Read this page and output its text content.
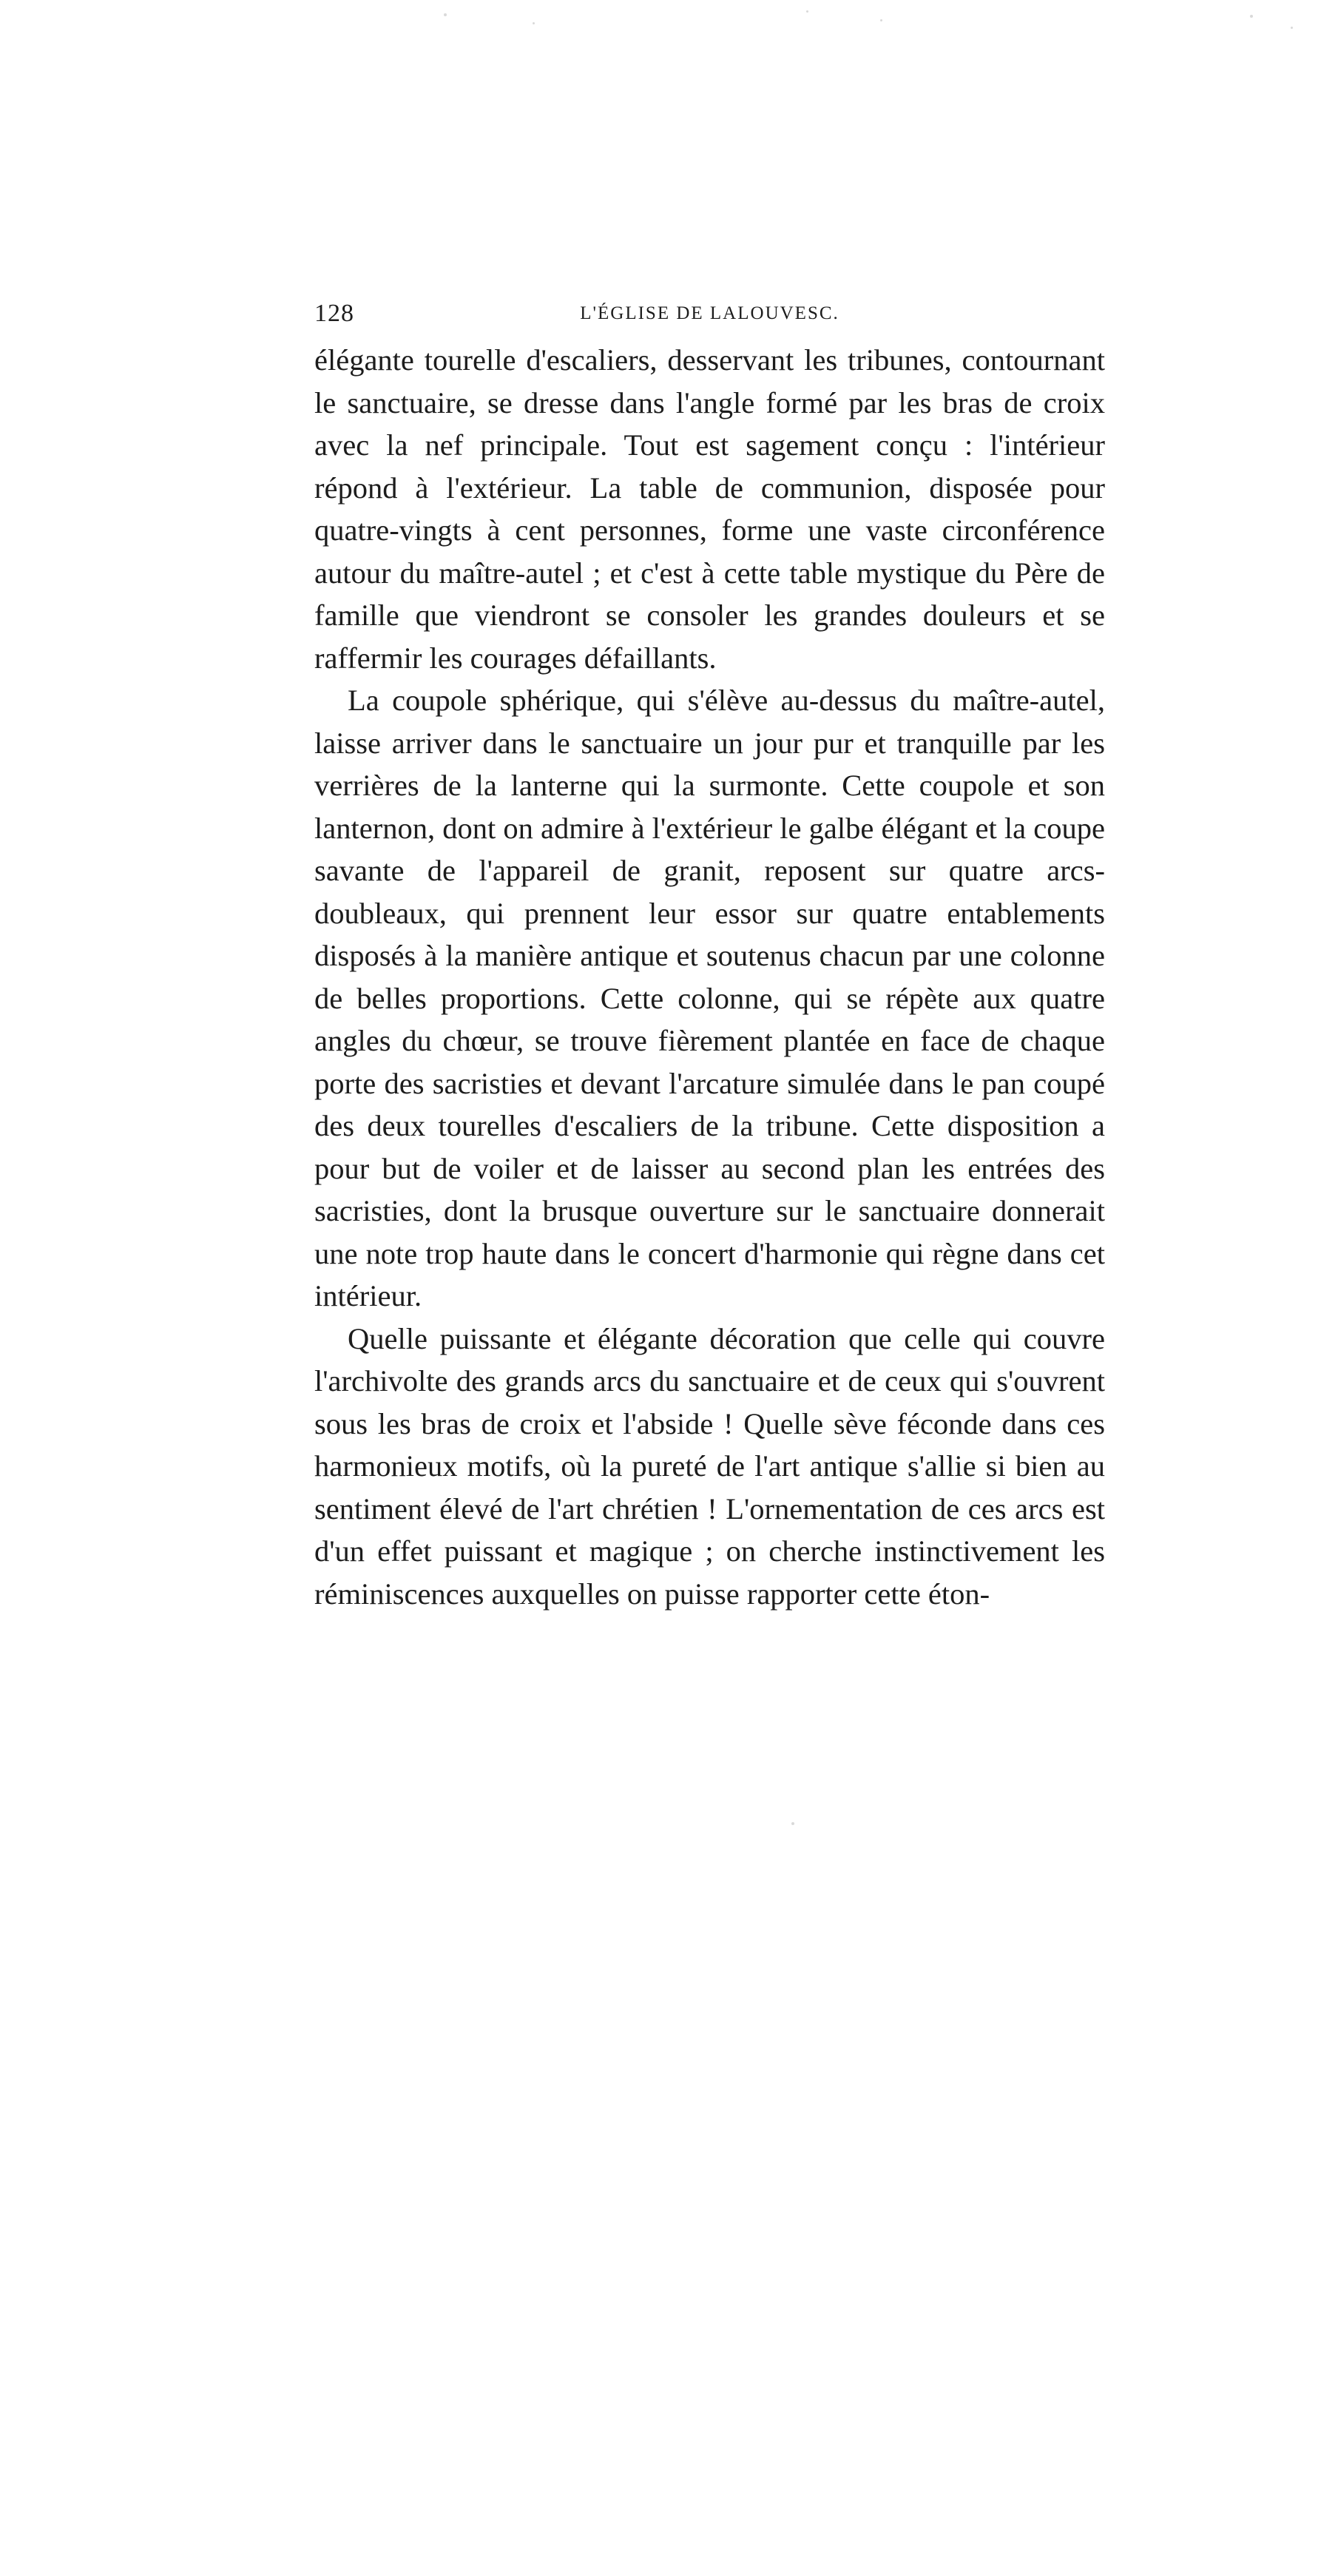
128	L'ÉGLISE DE LALOUVESC.

élégante tourelle d'escaliers, desservant les tribunes, contournant le sanctuaire, se dresse dans l'angle formé par les bras de croix avec la nef principale. Tout est sagement conçu : l'intérieur répond à l'extérieur. La table de communion, disposée pour quatre-vingts à cent personnes, forme une vaste circonférence autour du maître-autel ; et c'est à cette table mystique du Père de famille que viendront se consoler les grandes douleurs et se raffermir les courages défaillants.

La coupole sphérique, qui s'élève au-dessus du maître-autel, laisse arriver dans le sanctuaire un jour pur et tranquille par les verrières de la lanterne qui la surmonte. Cette coupole et son lanternon, dont on admire à l'extérieur le galbe élégant et la coupe savante de l'appareil de granit, reposent sur quatre arcs-doubleaux, qui prennent leur essor sur quatre entablements disposés à la manière antique et soutenus chacun par une colonne de belles proportions. Cette colonne, qui se répète aux quatre angles du chœur, se trouve fièrement plantée en face de chaque porte des sacristies et devant l'arcature simulée dans le pan coupé des deux tourelles d'escaliers de la tribune. Cette disposition a pour but de voiler et de laisser au second plan les entrées des sacristies, dont la brusque ouverture sur le sanctuaire donnerait une note trop haute dans le concert d'harmonie qui règne dans cet intérieur.

Quelle puissante et élégante décoration que celle qui couvre l'archivolte des grands arcs du sanctuaire et de ceux qui s'ouvrent sous les bras de croix et l'abside ! Quelle sève féconde dans ces harmonieux motifs, où la pureté de l'art antique s'allie si bien au sentiment élevé de l'art chrétien ! L'ornementation de ces arcs est d'un effet puissant et magique ; on cherche instinctivement les réminiscences auxquelles on puisse rapporter cette éton-
